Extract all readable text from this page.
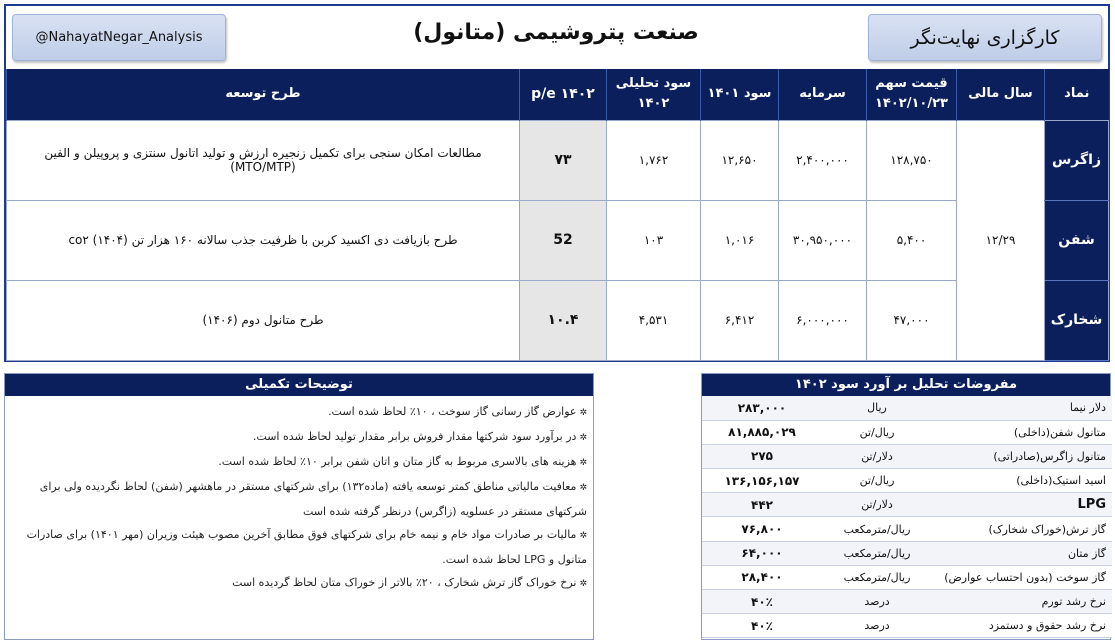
@NahayatNegar_Analysis	صنعت پتروشیمی (متانول)	کارگزاری نهایت‌نگر
نماد	سال مالی	قیمت سهم ۱۴۰۲/۱۰/۲۳	سرمایه	سود ۱۴۰۱	سود تحلیلی ۱۴۰۲	p/e ۱۴۰۲	طرح توسعه
زاگرس	۱۲/۲۹	۱۲۸,۷۵۰	۲,۴۰۰,۰۰۰	۱۲,۶۵۰	۱,۷۶۲	۷۳	مطالعات امکان سنجی برای تکمیل زنجیره ارزش و تولید اتانول سنتزی و پروپیلن و الفین (MTO/MTP)
شفن		۵,۴۰۰	۳۰,۹۵۰,۰۰۰	۱,۰۱۶	۱۰۳	52	طرح بازیافت دی اکسید کربن با ظرفیت جذب سالانه ۱۶۰ هزار تن co۲ (۱۴۰۴)
شخارک		۴۷,۰۰۰	۶,۰۰۰,۰۰۰	۶,۴۱۲	۴,۵۳۱	۱۰.۴	طرح متانول دوم (۱۴۰۶)
توضیحات تکمیلی
✲عوارض گاز رسانی گاز سوخت ، ۱۰٪ لحاظ شده است.
✲در برآورد سود شرکتها مقدار فروش برابر مقدار تولید لحاظ شده است.
✲هزینه های بالاسری مربوط به گاز متان و اتان شفن برابر ۱۰٪ لحاظ شده است.
✲معافیت مالیاتی مناطق کمتر توسعه یافته (ماده۱۳۲) برای شرکتهای مستقر در ماهشهر (شفن) لحاظ نگردیده ولی برای شرکتهای مستقر در عسلویه (زاگرس) درنظر گرفته شده است
✲مالیات بر صادرات مواد خام و نیمه خام برای شرکتهای فوق مطابق آخرین مصوب هیئت وزیران (مهر ۱۴۰۱) برای صادرات متانول و LPG لحاظ شده است.
✲نرخ خوراک گاز ترش شخارک ، ۲۰٪ بالاتر از خوراک متان لحاظ گردیده است
مفروضات تحلیل بر آورد سود ۱۴۰۲
دلار نیما	ریال	۲۸۳,۰۰۰
متانول شفن(داخلی)	ریال/تن	۸۱,۸۸۵,۰۲۹
متانول زاگرس(صادراتی)	دلار/تن	۲۷۵
اسید استیک(داخلی)	ریال/تن	۱۳۶,۱۵۶,۱۵۷
LPG	دلار/تن	۴۴۲
گاز ترش(خوراک شخارک)	ریال/مترمکعب	۷۶,۸۰۰
گاز متان	ریال/مترمکعب	۶۴,۰۰۰
گاز سوخت (بدون احتساب عوارض)	ریال/مترمکعب	۲۸,۴۰۰
نرخ رشد تورم	درصد	۴۰٪
نرخ رشد حقوق و دستمزد	درصد	۴۰٪
